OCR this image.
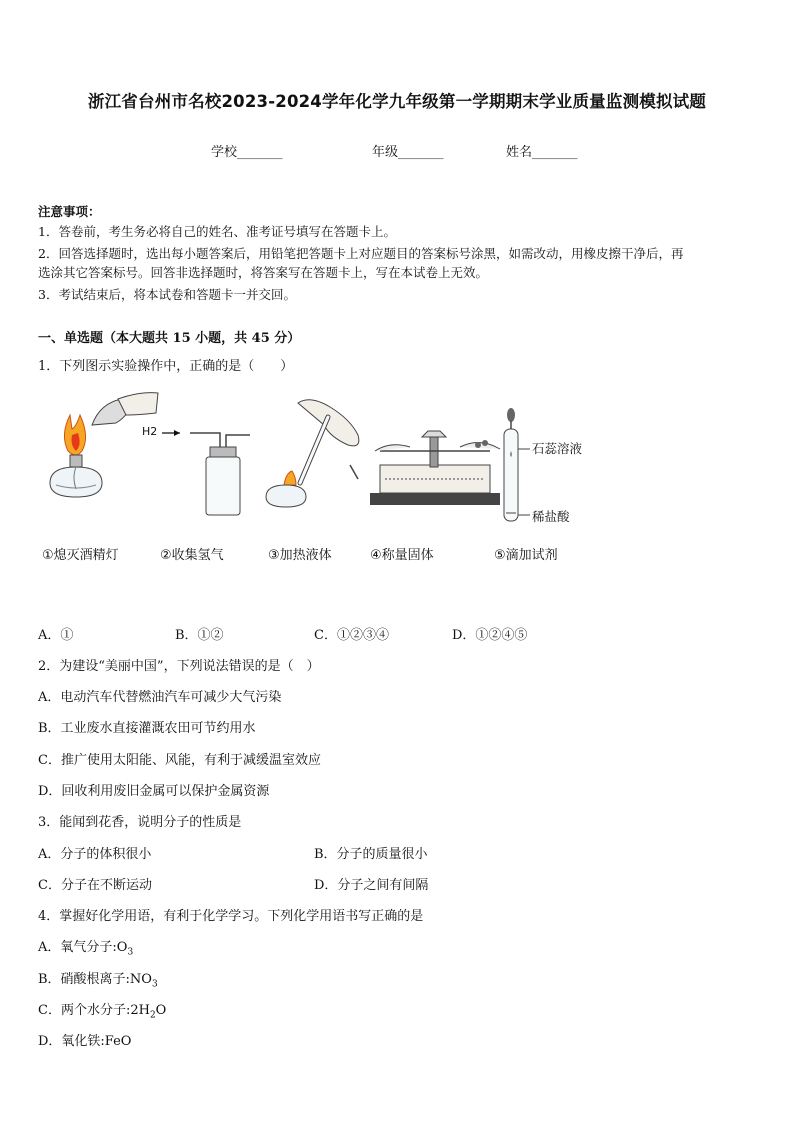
浙江省台州市名校2023-2024学年化学九年级第一学期期末学业质量监测模拟试题
学校_______	年级_______	姓名_______
注意事项：
1．答卷前，考生务必将自己的姓名、准考证号填写在答题卡上。
2．回答选择题时，选出每小题答案后，用铅笔把答题卡上对应题目的答案标号涂黑，如需改动，用橡皮擦干净后，再
选涂其它答案标号。回答非选择题时，将答案写在答题卡上，写在本试卷上无效。
3．考试结束后，将本试卷和答题卡一并交回。
一、单选题（本大题共 15 小题，共 45 分）
1．下列图示实验操作中，正确的是（　　）
H2
石蕊溶液
稀盐酸
①熄灭酒精灯	②收集氢气	③加热液体	④称量固体	⑤滴加试剂
A．①	B．①②	C．①②③④	D．①②④⑤
2．为建设“美丽中国”，下列说法错误的是（　）
A．电动汽车代替燃油汽车可减少大气污染
B．工业废水直接灌溉农田可节约用水
C．推广使用太阳能、风能，有利于减缓温室效应
D．回收利用废旧金属可以保护金属资源
3．能闻到花香，说明分子的性质是
A．分子的体积很小	B．分子的质量很小
C．分子在不断运动	D．分子之间有间隔
4．掌握好化学用语，有利于化学学习。下列化学用语书写正确的是
A．氧气分子$:O_3$
B．硝酸根离子$:NO_3$
C．两个水分子$:2H_2O$
D．氧化铁:FeO
